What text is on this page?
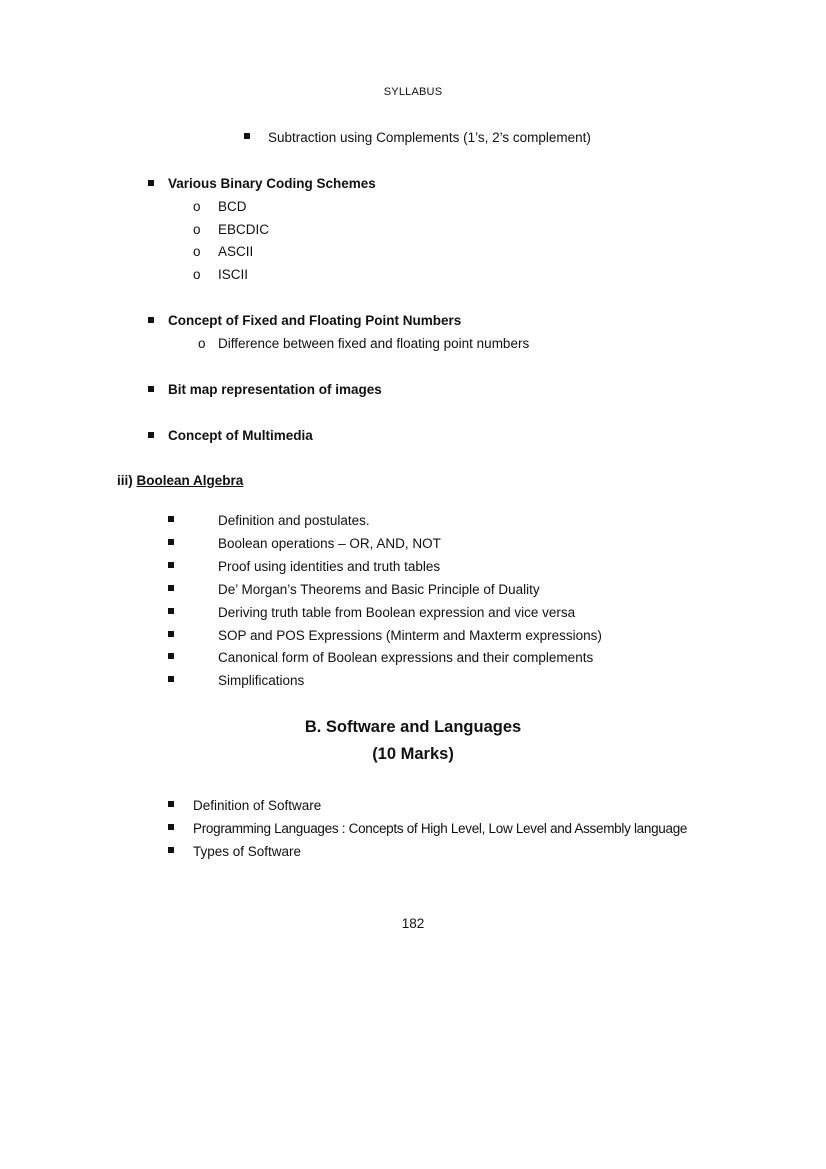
SYLLABUS
Subtraction using Complements (1’s, 2’s complement)
Various Binary Coding Schemes
o BCD
o EBCDIC
o ASCII
o ISCII
Concept of Fixed and Floating Point Numbers
o Difference between fixed and floating point numbers
Bit map representation of images
Concept of Multimedia
iii) Boolean Algebra
Definition and postulates.
Boolean operations – OR, AND, NOT
Proof using identities and truth tables
De’ Morgan’s Theorems and Basic Principle of Duality
Deriving truth table from Boolean expression and vice versa
SOP and POS Expressions (Minterm and Maxterm expressions)
Canonical form of Boolean expressions and their complements
Simplifications
B. Software and Languages
(10 Marks)
Definition of Software
Programming Languages : Concepts of High Level, Low Level and Assembly language
Types of Software
182
